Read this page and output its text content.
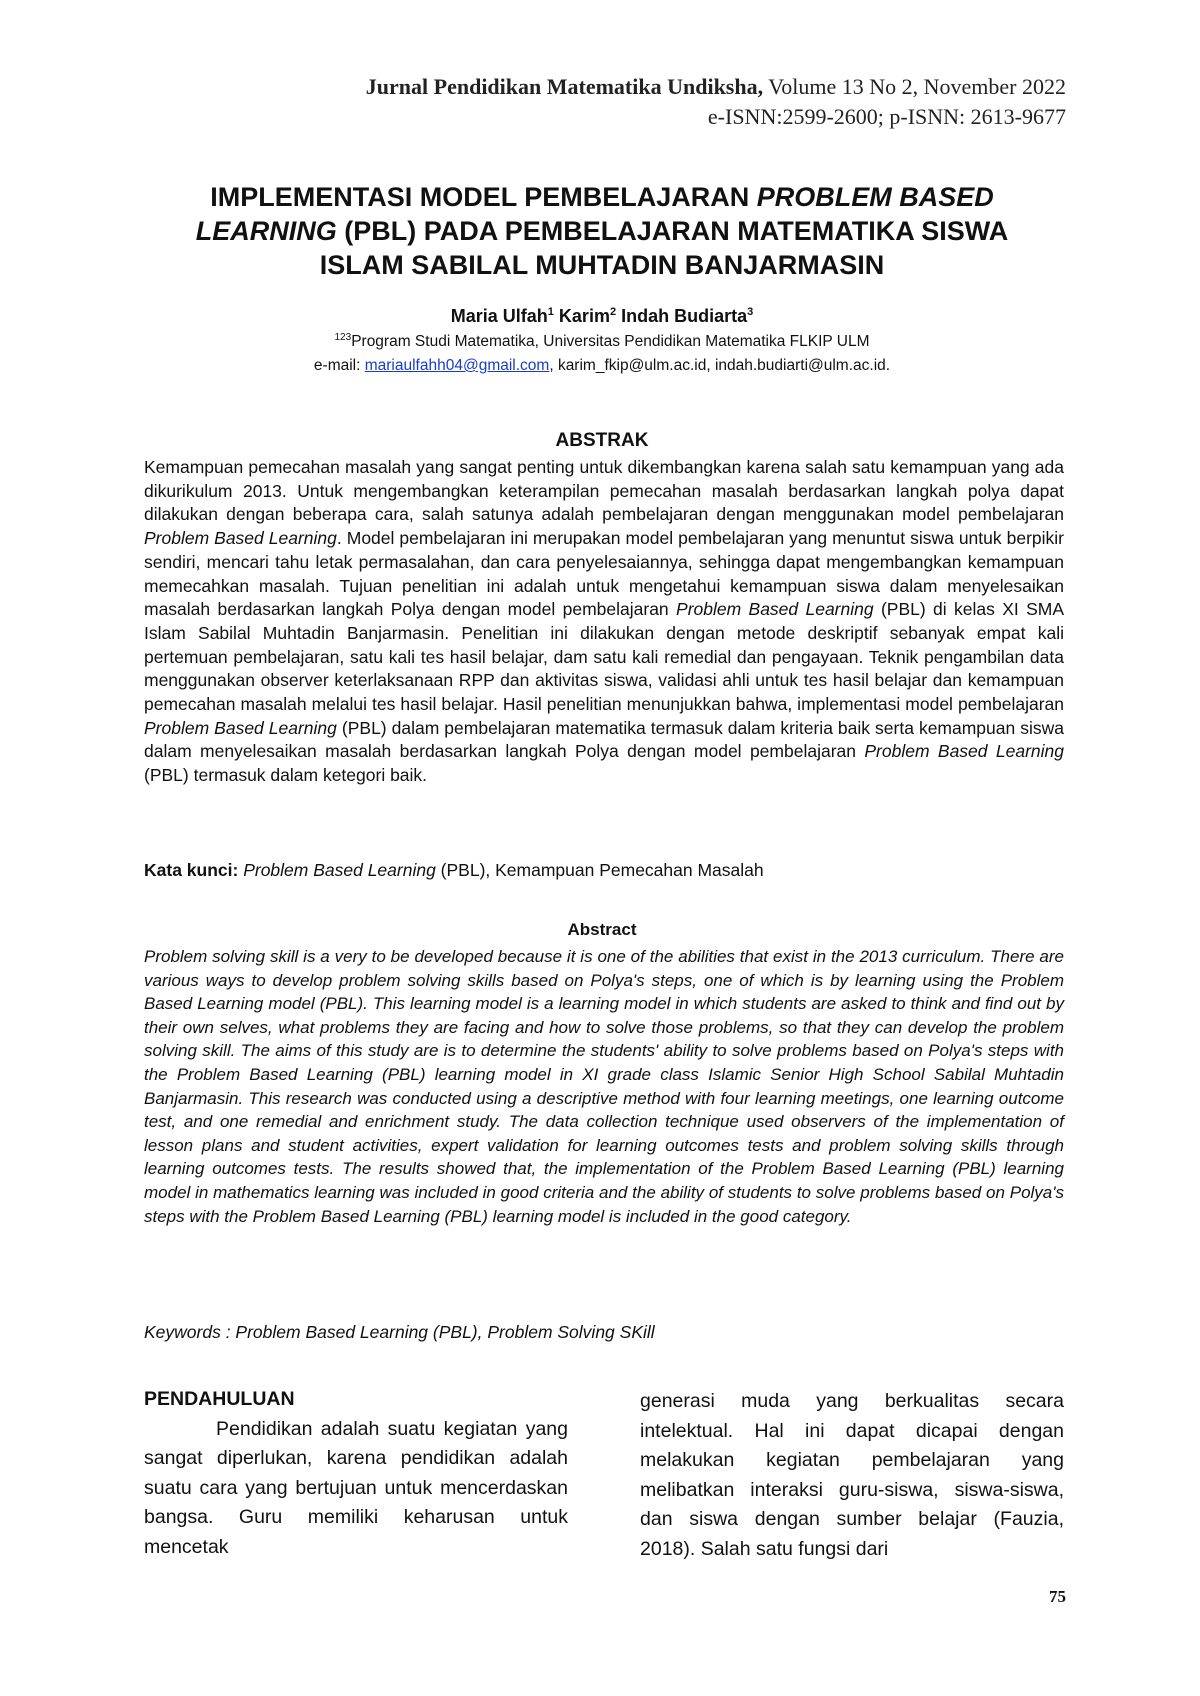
Jurnal Pendidikan Matematika Undiksha, Volume 13 No 2, November 2022
e-ISNN:2599-2600; p-ISNN: 2613-9677
IMPLEMENTASI MODEL PEMBELAJARAN PROBLEM BASED
LEARNING (PBL) PADA PEMBELAJARAN MATEMATIKA SISWA
ISLAM SABILAL MUHTADIN BANJARMASIN
Maria Ulfah$^1$ Karim$^2$ Indah Budiarta$^3$
$^{123}$Program Studi Matematika, Universitas Pendidikan Matematika FLKIP ULM
e-mail: mariaulfahh04@gmail.com, karim_fkip@ulm.ac.id, indah.budiarti@ulm.ac.id.
ABSTRAK
Kemampuan pemecahan masalah yang sangat penting untuk dikembangkan karena salah satu kemampuan yang ada dikurikulum 2013. Untuk mengembangkan keterampilan pemecahan masalah berdasarkan langkah polya dapat dilakukan dengan beberapa cara, salah satunya adalah pembelajaran dengan menggunakan model pembelajaran Problem Based Learning. Model pembelajaran ini merupakan model pembelajaran yang menuntut siswa untuk berpikir sendiri, mencari tahu letak permasalahan, dan cara penyelesaiannya, sehingga dapat mengembangkan kemampuan memecahkan masalah. Tujuan penelitian ini adalah untuk mengetahui kemampuan siswa dalam menyelesaikan masalah berdasarkan langkah Polya dengan model pembelajaran Problem Based Learning (PBL) di kelas XI SMA Islam Sabilal Muhtadin Banjarmasin. Penelitian ini dilakukan dengan metode deskriptif sebanyak empat kali pertemuan pembelajaran, satu kali tes hasil belajar, dam satu kali remedial dan pengayaan. Teknik pengambilan data menggunakan observer keterlaksanaan RPP dan aktivitas siswa, validasi ahli untuk tes hasil belajar dan kemampuan pemecahan masalah melalui tes hasil belajar. Hasil penelitian menunjukkan bahwa, implementasi model pembelajaran Problem Based Learning (PBL) dalam pembelajaran matematika termasuk dalam kriteria baik serta kemampuan siswa dalam menyelesaikan masalah berdasarkan langkah Polya dengan model pembelajaran Problem Based Learning (PBL) termasuk dalam ketegori baik.
Kata kunci: Problem Based Learning (PBL), Kemampuan Pemecahan Masalah
Abstract
Problem solving skill is a very to be developed because it is one of the abilities that exist in the 2013 curriculum. There are various ways to develop problem solving skills based on Polya's steps, one of which is by learning using the Problem Based Learning model (PBL). This learning model is a learning model in which students are asked to think and find out by their own selves, what problems they are facing and how to solve those problems, so that they can develop the problem solving skill. The aims of this study are is to determine the students' ability to solve problems based on Polya's steps with the Problem Based Learning (PBL) learning model in XI grade class Islamic Senior High School Sabilal Muhtadin Banjarmasin. This research was conducted using a descriptive method with four learning meetings, one learning outcome test, and one remedial and enrichment study. The data collection technique used observers of the implementation of lesson plans and student activities, expert validation for learning outcomes tests and problem solving skills through learning outcomes tests. The results showed that, the implementation of the Problem Based Learning (PBL) learning model in mathematics learning was included in good criteria and the ability of students to solve problems based on Polya's steps with the Problem Based Learning (PBL) learning model is included in the good category.
Keywords : Problem Based Learning (PBL), Problem Solving SKill
PENDAHULUAN
Pendidikan adalah suatu kegiatan yang sangat diperlukan, karena pendidikan adalah suatu cara yang bertujuan untuk mencerdaskan bangsa. Guru memiliki keharusan untuk mencetak
generasi muda yang berkualitas secara intelektual. Hal ini dapat dicapai dengan melakukan kegiatan pembelajaran yang melibatkan interaksi guru-siswa, siswa-siswa, dan siswa dengan sumber belajar (Fauzia, 2018). Salah satu fungsi dari
75
